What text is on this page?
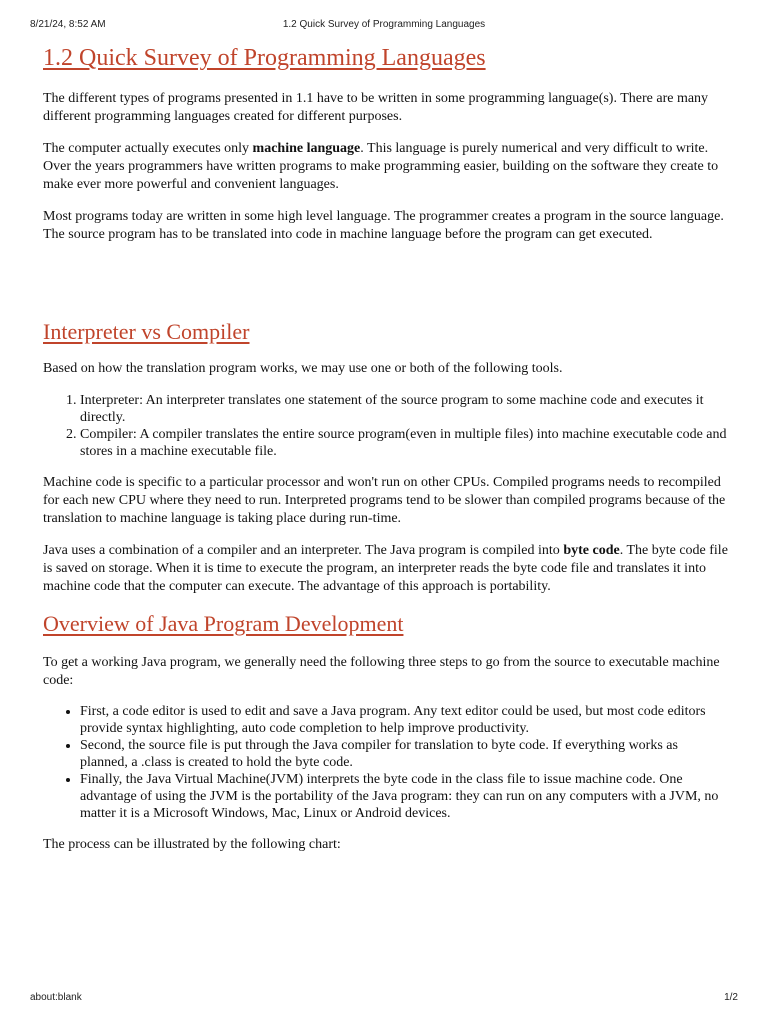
8/21/24, 8:52 AM	1.2 Quick Survey of Programming Languages
1.2 Quick Survey of Programming Languages

The different types of programs presented in 1.1 have to be written in some programming language(s). There are many different programming languages created for different purposes.

The computer actually executes only machine language. This language is purely numerical and very difficult to write. Over the years programmers have written programs to make programming easier, building on the software they create to make ever more powerful and convenient languages.

Most programs today are written in some high level language. The programmer creates a program in the source language. The source program has to be translated into code in machine language before the program can get executed.

Interpreter vs Compiler

Based on how the translation program works, we may use one or both of the following tools.

1. Interpreter: An interpreter translates one statement of the source program to some machine code and executes it directly.
2. Compiler: A compiler translates the entire source program(even in multiple files) into machine executable code and stores in a machine executable file.

Machine code is specific to a particular processor and won't run on other CPUs. Compiled programs needs to recompiled for each new CPU where they need to run. Interpreted programs tend to be slower than compiled programs because of the translation to machine language is taking place during run-time.

Java uses a combination of a compiler and an interpreter. The Java program is compiled into byte code. The byte code file is saved on storage. When it is time to execute the program, an interpreter reads the byte code file and translates it into machine code that the computer can execute. The advantage of this approach is portability.

Overview of Java Program Development

To get a working Java program, we generally need the following three steps to go from the source to executable machine code:

• First, a code editor is used to edit and save a Java program. Any text editor could be used, but most code editors provide syntax highlighting, auto code completion to help improve productivity.
• Second, the source file is put through the Java compiler for translation to byte code. If everything works as planned, a .class is created to hold the byte code.
• Finally, the Java Virtual Machine(JVM) interprets the byte code in the class file to issue machine code. One advantage of using the JVM is the portability of the Java program: they can run on any computers with a JVM, no matter it is a Microsoft Windows, Mac, Linux or Android devices.

The process can be illustrated by the following chart:

about:blank	1/2
